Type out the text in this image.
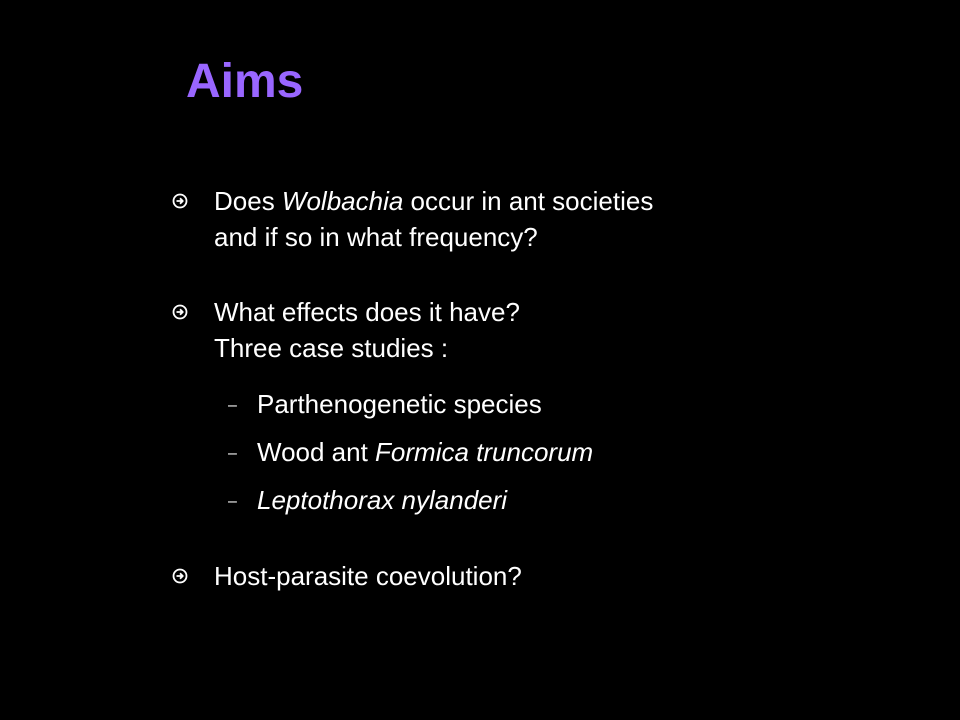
Aims
Does Wolbachia occur in ant societies
and if so in what frequency?
What effects does it have?
Three case studies :
– Parthenogenetic species
– Wood ant Formica truncorum
– Leptothorax nylanderi
Host-parasite coevolution?
